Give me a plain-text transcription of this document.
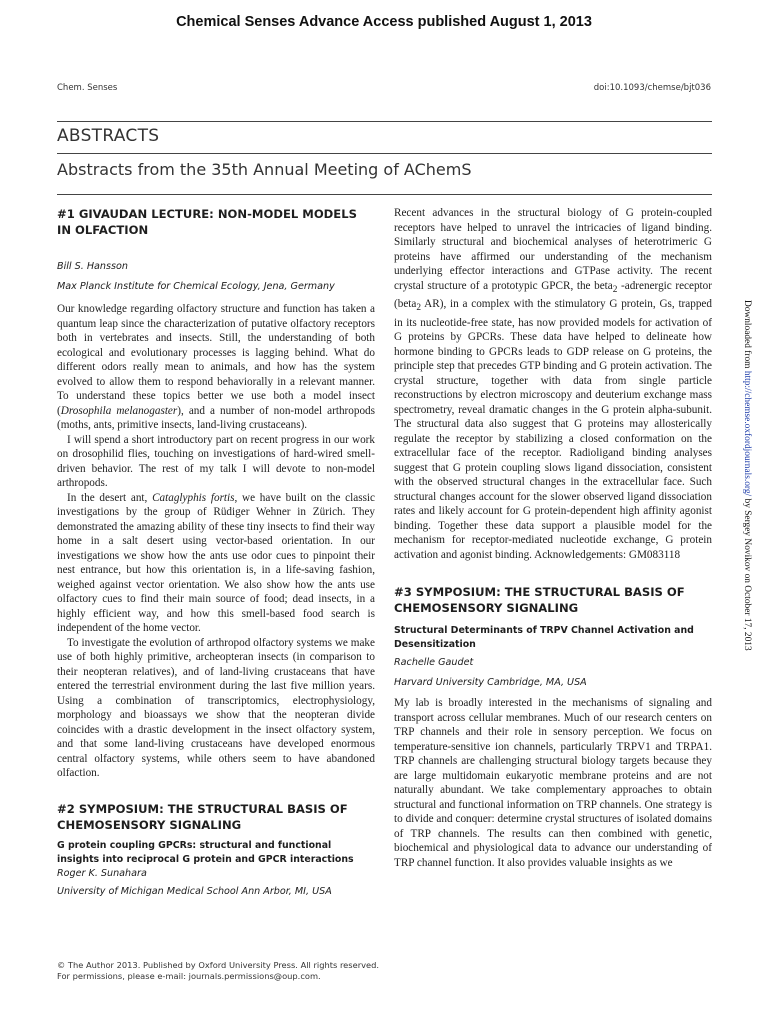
Chemical Senses Advance Access published August 1, 2013
Chem. Senses	doi:10.1093/chemse/bjt036
ABSTRACTS
Abstracts from the 35th Annual Meeting of AChemS
#1 GIVAUDAN LECTURE: NON-MODEL MODELS IN OLFACTION

Bill S. Hansson

Max Planck Institute for Chemical Ecology, Jena, Germany

Our knowledge regarding olfactory structure and function has taken a quantum leap since the characterization of putative olfactory receptors both in vertebrates and insects. Still, the understanding of both ecological and evolutionary processes is lagging behind. What do different odors really mean to animals, and how has the system evolved to allow them to respond behaviorally in a relevant manner. To understand these topics better we use both a model insect (Drosophila melanogaster), and a number of non-model arthropods (moths, ants, primitive insects, land-living crustaceans).

I will spend a short introductory part on recent progress in our work on drosophilid flies, touching on investigations of hard-wired smell-driven behavior. The rest of my talk I will devote to non-model arthropods.

In the desert ant, Cataglyphis fortis, we have built on the classic investigations by the group of Rüdiger Wehner in Zürich. They demonstrated the amazing ability of these tiny insects to find their way home in a salt desert using vector-based orientation. In our investigations we show how the ants use odor cues to pinpoint their nest entrance, but how this orientation is, in a life-saving fashion, weighed against vector orientation. We also show how the ants use olfactory cues to find their main source of food; dead insects, in a highly efficient way, and how this smell-based food search is independent of the home vector.

To investigate the evolution of arthropod olfactory systems we make use of both highly primitive, archeopteran insects (in comparison to their neopteran relatives), and of land-living crustaceans that have entered the terrestrial environment during the last five million years. Using a combination of transcriptomics, electrophysiology, morphology and bioassays we show that the neopteran divide coincides with a drastic development in the insect olfactory system, and that some land-living crustaceans have developed enormous central olfactory systems, while others seem to have abandoned olfaction.

#2 SYMPOSIUM: THE STRUCTURAL BASIS OF CHEMOSENSORY SIGNALING

G protein coupling GPCRs: structural and functional insights into reciprocal G protein and GPCR interactions

Roger K. Sunahara

University of Michigan Medical School Ann Arbor, MI, USA

Recent advances in the structural biology of G protein-coupled receptors have helped to unravel the intricacies of ligand binding. Similarly structural and biochemical analyses of heterotrimeric G proteins have affirmed our understanding of the mechanism underlying effector interactions and GTPase activity. The recent crystal structure of a prototypic GPCR, the beta$_2$ -adrenergic receptor (beta$_2$ AR), in a complex with the stimulatory G protein, Gs, trapped in its nucleotide-free state, has now provided models for activation of G proteins by GPCRs. These data have helped to delineate how hormone binding to GPCRs leads to GDP release on G proteins, the principle step that precedes GTP binding and G protein activation. The crystal structure, together with data from single particle reconstructions by electron microscopy and deuterium exchange mass spectrometry, reveal dramatic changes in the G protein alpha-subunit. The structural data also suggest that G proteins may allosterically regulate the receptor by stabilizing a closed conformation on the extracellular face of the receptor. Radioligand binding analyses suggest that G protein coupling slows ligand dissociation, consistent with the observed structural changes in the extracellular face. Such structural changes account for the slower observed ligand dissociation rates and likely account for G protein-dependent high affinity agonist binding. Together these data support a plausible model for the mechanism for receptor-mediated nucleotide exchange, G protein activation and agonist binding. Acknowledgements: GM083118

#3 SYMPOSIUM: THE STRUCTURAL BASIS OF CHEMOSENSORY SIGNALING

Structural Determinants of TRPV Channel Activation and Desensitization

Rachelle Gaudet

Harvard University Cambridge, MA, USA

My lab is broadly interested in the mechanisms of signaling and transport across cellular membranes. Much of our research centers on TRP channels and their role in sensory perception. We focus on temperature-sensitive ion channels, particularly TRPV1 and TRPA1. TRP channels are challenging structural biology targets because they are large multidomain eukaryotic membrane proteins and are not naturally abundant. We take complementary approaches to obtain structural and functional information on TRP channels. One strategy is to divide and conquer: determine crystal structures of isolated domains of TRP channels. The results can then combined with genetic, biochemical and physiological data to advance our understanding of TRP channel function. It also provides valuable insights as we

Downloaded from http://chemse.oxfordjournals.org/ by Sergey Novikov on October 17, 2013
© The Author 2013. Published by Oxford University Press. All rights reserved.
For permissions, please e-mail: journals.permissions@oup.com.
